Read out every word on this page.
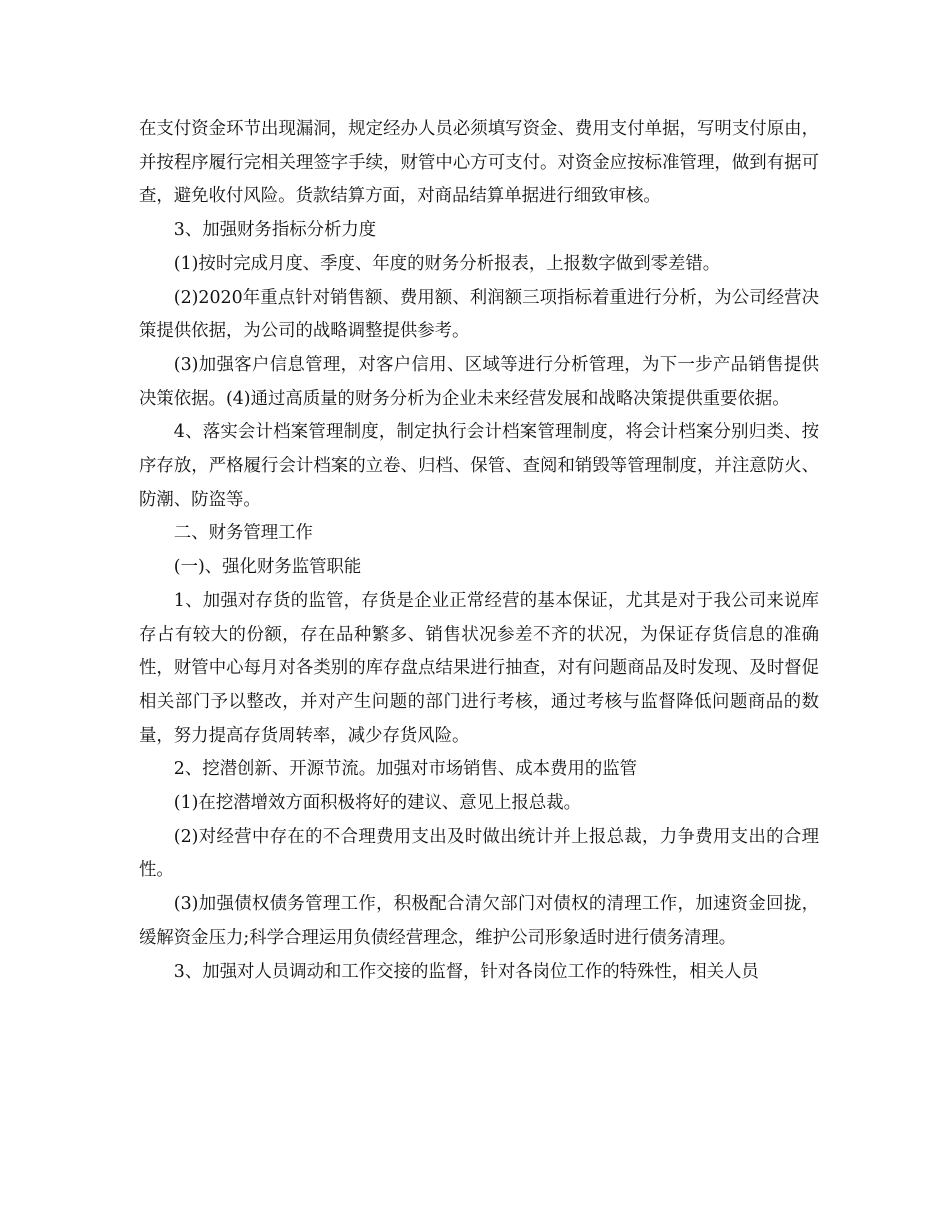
在支付资金环节出现漏洞，规定经办人员必须填写资金、费用支付单据，写明支付原由，并按程序履行完相关理签字手续，财管中心方可支付。对资金应按标准管理，做到有据可查，避免收付风险。货款结算方面，对商品结算单据进行细致审核。

3、加强财务指标分析力度

(1)按时完成月度、季度、年度的财务分析报表，上报数字做到零差错。

(2)2020年重点针对销售额、费用额、利润额三项指标着重进行分析，为公司经营决策提供依据，为公司的战略调整提供参考。

(3)加强客户信息管理，对客户信用、区域等进行分析管理，为下一步产品销售提供决策依据。(4)通过高质量的财务分析为企业未来经营发展和战略决策提供重要依据。

4、落实会计档案管理制度，制定执行会计档案管理制度，将会计档案分别归类、按序存放，严格履行会计档案的立卷、归档、保管、查阅和销毁等管理制度，并注意防火、防潮、防盗等。

二、财务管理工作

(一)、强化财务监管职能

1、加强对存货的监管，存货是企业正常经营的基本保证，尤其是对于我公司来说库存占有较大的份额，存在品种繁多、销售状况参差不齐的状况，为保证存货信息的准确性，财管中心每月对各类别的库存盘点结果进行抽查，对有问题商品及时发现、及时督促相关部门予以整改，并对产生问题的部门进行考核，通过考核与监督降低问题商品的数量，努力提高存货周转率，减少存货风险。

2、挖潜创新、开源节流。加强对市场销售、成本费用的监管

(1)在挖潜增效方面积极将好的建议、意见上报总裁。

(2)对经营中存在的不合理费用支出及时做出统计并上报总裁，力争费用支出的合理性。

(3)加强债权债务管理工作，积极配合清欠部门对债权的清理工作，加速资金回拢，缓解资金压力;科学合理运用负债经营理念，维护公司形象适时进行债务清理。

3、加强对人员调动和工作交接的监督，针对各岗位工作的特殊性，相关人员
